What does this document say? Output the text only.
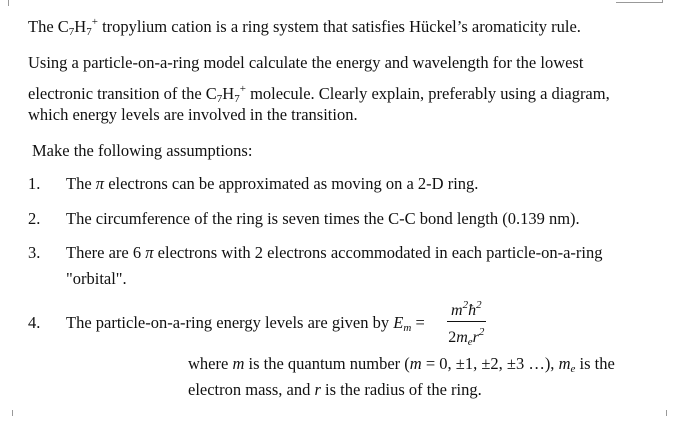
The $C_7H_7^+$ tropylium cation is a ring system that satisfies Hückel’s aromaticity rule.
Using a particle-on-a-ring model calculate the energy and wavelength for the lowest
electronic transition of the $C_7H_7^+$ molecule. Clearly explain, preferably using a diagram,
which energy levels are involved in the transition.
Make the following assumptions:
1. The π electrons can be approximated as moving on a 2-D ring.
2. The circumference of the ring is seven times the C-C bond length (0.139 nm).
3. There are 6 π electrons with 2 electrons accommodated in each particle-on-a-ring
"orbital".
4. The particle-on-a-ring energy levels are given by $E_m$ =
$m^2ħ^2$
$2m_er^2$
where m is the quantum number (m = 0, ±1, ±2, ±3 …), $m_e$ is the
electron mass, and r is the radius of the ring.
